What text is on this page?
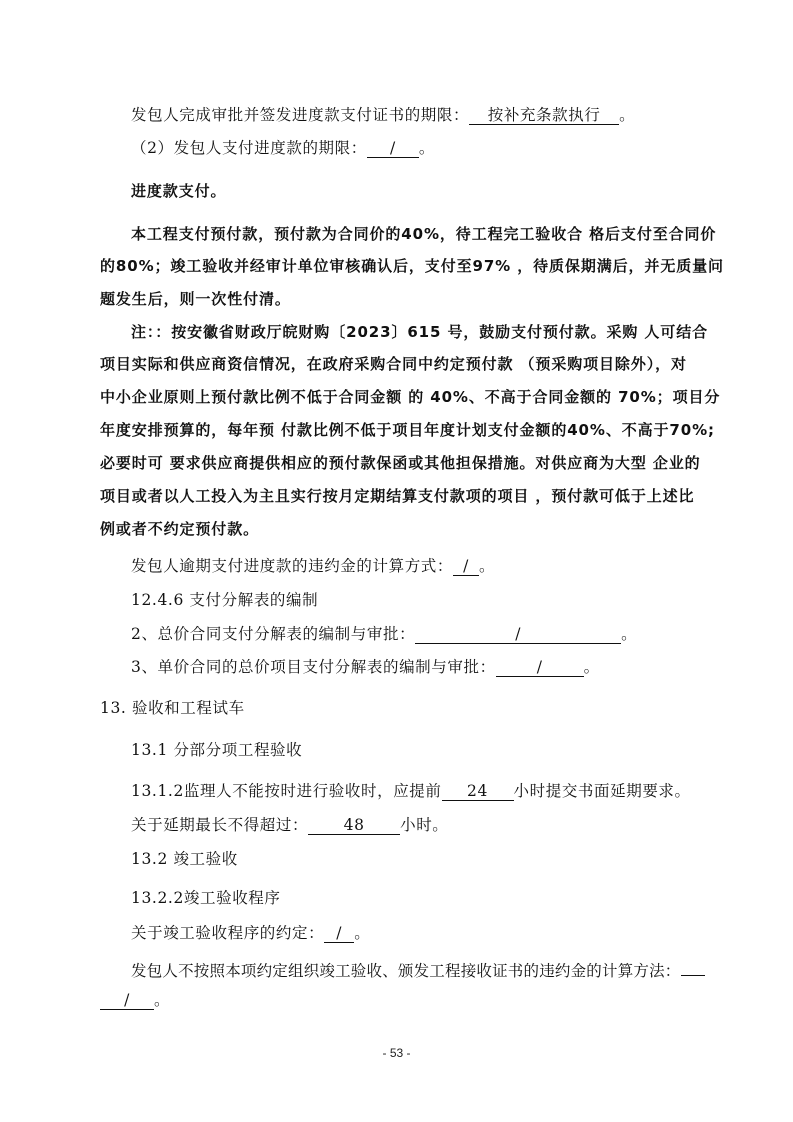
发包人完成审批并签发进度款支付证书的期限： 按补充条款执行 。
（2）发包人支付进度款的期限： / 。
进度款支付。
本工程支付预付款，预付款为合同价的40%，待工程完工验收合 格后支付至合同价
的80%；竣工验收并经审计单位审核确认后，支付至97% ，待质保期满后，并无质量问
题发生后，则一次性付清。
注：：按安徽省财政厅皖财购〔2023〕615 号，鼓励支付预付款。采购 人可结合
项目实际和供应商资信情况，在政府采购合同中约定预付款 （预采购项目除外），对
中小企业原则上预付款比例不低于合同金额 的 40%、不高于合同金额的 70%；项目分
年度安排预算的，每年预 付款比例不低于项目年度计划支付金额的40%、不高于70%;
必要时可 要求供应商提供相应的预付款保函或其他担保措施。对供应商为大型 企业的
项目或者以人工投入为主且实行按月定期结算支付款项的项目 ，预付款可低于上述比
例或者不约定预付款。
发包人逾期支付进度款的违约金的计算方式： / 。
12.4.6 支付分解表的编制
2、总价合同支付分解表的编制与审批：	/	。
3、单价合同的总价项目支付分解表的编制与审批：	/	。
13. 验收和工程试车
13.1 分部分项工程验收
13.1.2监理人不能按时进行验收时，应提前 24 小时提交书面延期要求。
关于延期最长不得超过： 48 小时。
13.2 竣工验收
13.2.2竣工验收程序
关于竣工验收程序的约定： / 。
发包人不按照本项约定组织竣工验收、颁发工程接收证书的违约金的计算方法：
/ 。
- 53 -
